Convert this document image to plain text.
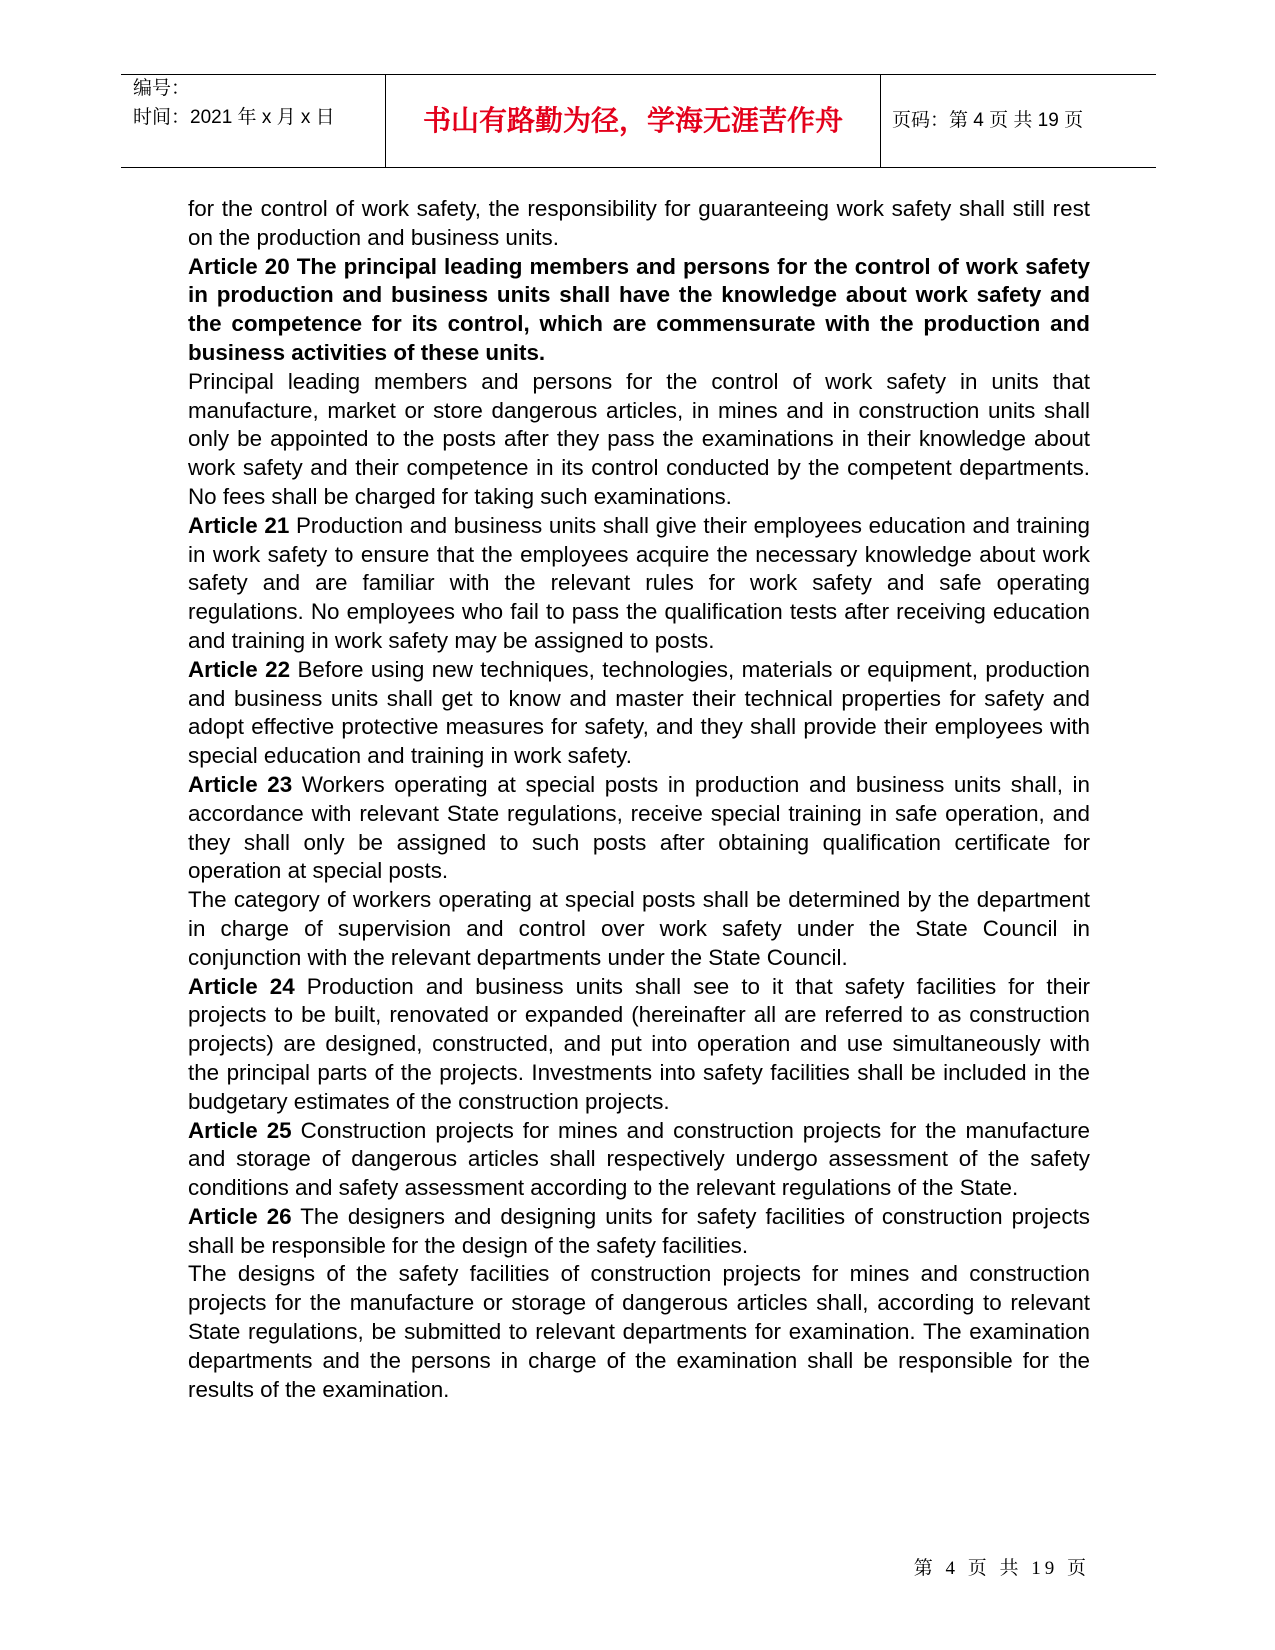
编号：
时间：2021 年 x 月 x 日	书山有路勤为径，学海无涯苦作舟	页码：第 4 页 共 19 页

for the control of work safety, the responsibility for guaranteeing work safety shall still rest on the production and business units.

Article 20 The principal leading members and persons for the control of work safety in production and business units shall have the knowledge about work safety and the competence for its control, which are commensurate with the production and business activities of these units.

Principal leading members and persons for the control of work safety in units that manufacture, market or store dangerous articles, in mines and in construction units shall only be appointed to the posts after they pass the examinations in their knowledge about work safety and their competence in its control conducted by the competent departments. No fees shall be charged for taking such examinations.

Article 21 Production and business units shall give their employees education and training in work safety to ensure that the employees acquire the necessary knowledge about work safety and are familiar with the relevant rules for work safety and safe operating regulations. No employees who fail to pass the qualification tests after receiving education and training in work safety may be assigned to posts.

Article 22 Before using new techniques, technologies, materials or equipment, production and business units shall get to know and master their technical properties for safety and adopt effective protective measures for safety, and they shall provide their employees with special education and training in work safety.

Article 23 Workers operating at special posts in production and business units shall, in accordance with relevant State regulations, receive special training in safe operation, and they shall only be assigned to such posts after obtaining qualification certificate for operation at special posts.

The category of workers operating at special posts shall be determined by the department in charge of supervision and control over work safety under the State Council in conjunction with the relevant departments under the State Council.

Article 24 Production and business units shall see to it that safety facilities for their projects to be built, renovated or expanded (hereinafter all are referred to as construction projects) are designed, constructed, and put into operation and use simultaneously with the principal parts of the projects. Investments into safety facilities shall be included in the budgetary estimates of the construction projects.

Article 25 Construction projects for mines and construction projects for the manufacture and storage of dangerous articles shall respectively undergo assessment of the safety conditions and safety assessment according to the relevant regulations of the State.

Article 26 The designers and designing units for safety facilities of construction projects shall be responsible for the design of the safety facilities.

The designs of the safety facilities of construction projects for mines and construction projects for the manufacture or storage of dangerous articles shall, according to relevant State regulations, be submitted to relevant departments for examination. The examination departments and the persons in charge of the examination shall be responsible for the results of the examination.

第 4 页 共 19 页
